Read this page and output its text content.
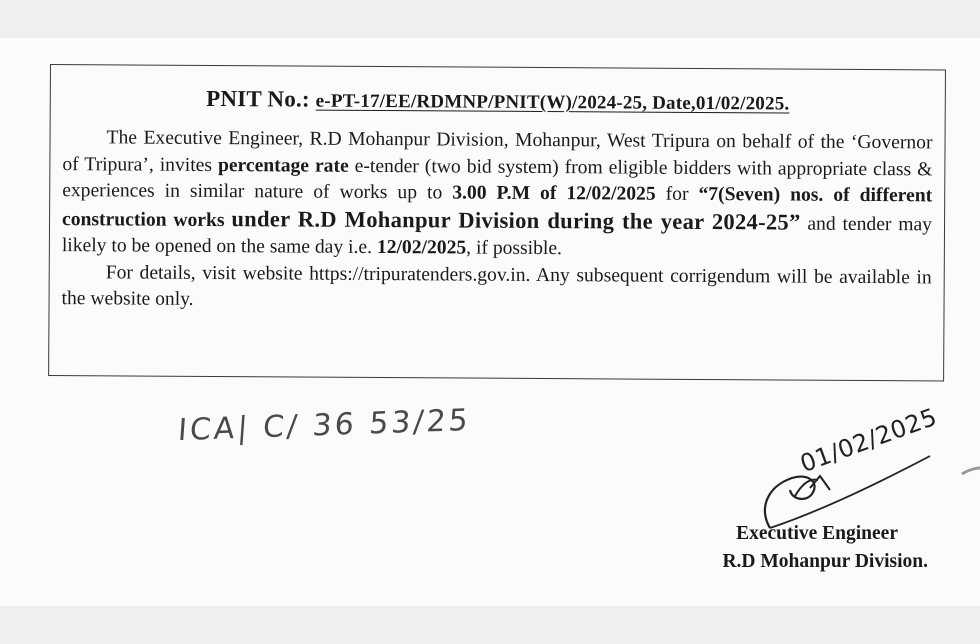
PNIT No.: e-PT-17/EE/RDMNP/PNIT(W)/2024-25, Date,01/02/2025.

The Executive Engineer, R.D Mohanpur Division, Mohanpur, West Tripura on behalf of the ‘Governor of Tripura’, invites percentage rate e-tender (two bid system) from eligible bidders with appropriate class & experiences in similar nature of works up to 3.00 P.M of 12/02/2025 for “7(Seven) nos. of different construction works under R.D Mohanpur Division during the year 2024-25” and tender may likely to be opened on the same day i.e. 12/02/2025, if possible.

For details, visit website https://tripuratenders.gov.in. Any subsequent corrigendum will be available in the website only.

ICA| C/ 36 53/25	01/02/2025
Executive Engineer
R.D Mohanpur Division.
